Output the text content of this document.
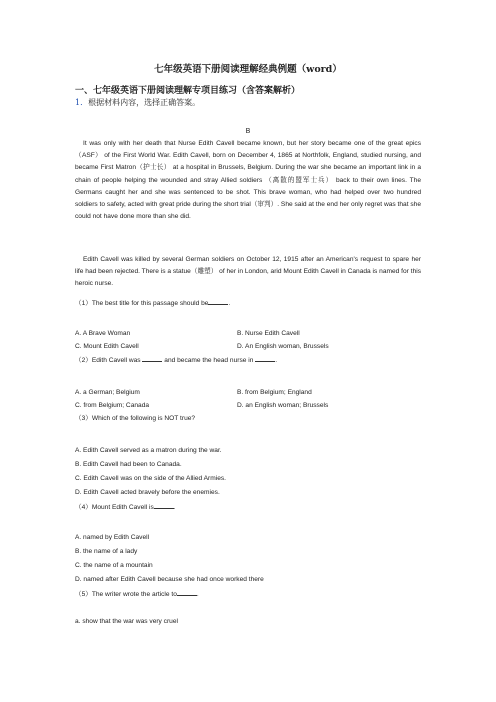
七年级英语下册阅读理解经典例题（word）
一、七年级英语下册阅读理解专项目练习（含答案解析）
1．根据材料内容，选择正确答案。
B
It was only with her death that Nurse Edith Cavell became known, but her story became one of the great epics （ASF） of the First World War. Edith Cavell, born on December 4, 1865 at Northfolk, England, studied nursing, and became First Matron（护士长） at a hospital in Brussels, Belgium. During the war she became an important link in a chain of people helping the wounded and stray Allied soldiers （离散的盟军士兵） back to their own lines. The Germans caught her and she was sentenced to be shot. This brave woman, who had helped over two hundred soldiers to safety, acted with great pride during the short trial（审判）. She said at the end her only regret was that she could not have done more than she did.
Edith Cavell was killed by several German soldiers on October 12, 1915 after an American's request to spare her life had been rejected. There is a statue（雕塑） of her in London, arid Mount Edith Cavell in Canada is named for this heroic nurse.
（1）The best title for this passage should be	.
A. A Brave Woman	B. Nurse Edith Cavell
C. Mount Edith Cavell	D. An English woman, Brussels
（2）Edith Cavell was	and became the head nurse in	.
A. a German; Belgium	B. from Belgium; England
C. from Belgium; Canada	D. an English woman; Brussels
（3）Which of the following is NOT true?
A. Edith Cavell served as a matron during the war.
B. Edith Cavell had been to Canada.
C. Edith Cavell was on the side of the Allied Armies.
D. Edith Cavell acted bravely before the enemies.
（4）Mount Edith Cavell is	.
A. named by Edith Cavell
B. the name of a lady
C. the name of a mountain
D. named after Edith Cavell because she had once worked there
（5）The writer wrote the article to	.
a. show that the war was very cruel
